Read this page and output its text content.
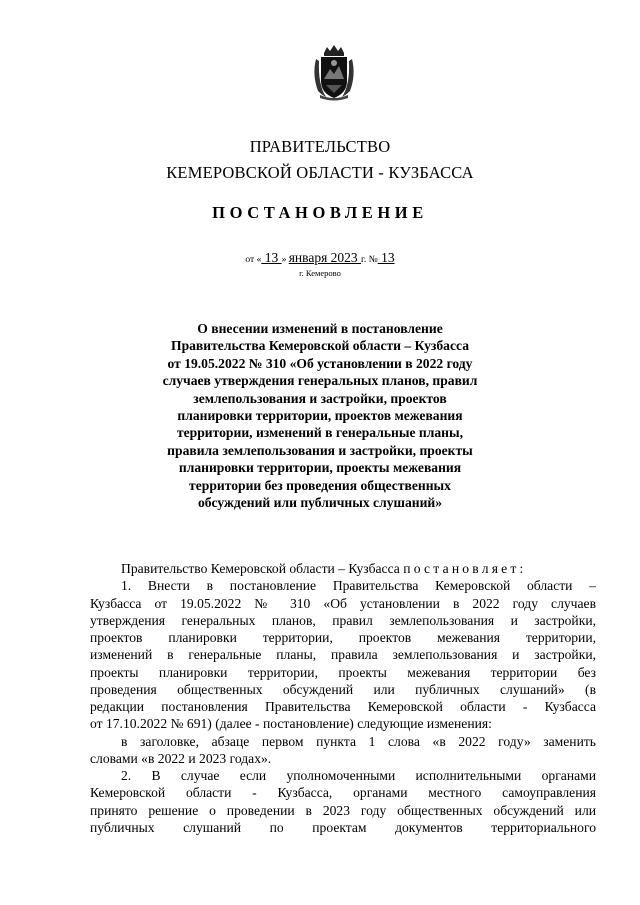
ПРАВИТЕЛЬСТВО
КЕМЕРОВСКОЙ ОБЛАСТИ - КУЗБАССА
ПОСТАНОВЛЕНИЕ
от « 13 » января 2023 г. № 13
г. Кемерово
О внесении изменений в постановление
Правительства Кемеровской области – Кузбасса
от 19.05.2022 № 310 «Об установлении в 2022 году
случаев утверждения генеральных планов, правил
землепользования и застройки, проектов
планировки территории, проектов межевания
территории, изменений в генеральные планы,
правила землепользования и застройки, проекты
планировки территории, проекты межевания
территории без проведения общественных
обсуждений или публичных слушаний»
Правительство Кемеровской области – Кузбасса постановляет:
1. Внести в постановление Правительства Кемеровской области –
Кузбасса от 19.05.2022 № 310 «Об установлении в 2022 году случаев
утверждения генеральных планов, правил землепользования и застройки,
проектов планировки территории, проектов межевания территории,
изменений в генеральные планы, правила землепользования и застройки,
проекты планировки территории, проекты межевания территории без
проведения общественных обсуждений или публичных слушаний» (в
редакции постановления Правительства Кемеровской области - Кузбасса
от 17.10.2022 № 691) (далее - постановление) следующие изменения:
в заголовке, абзаце первом пункта 1 слова «в 2022 году» заменить
словами «в 2022 и 2023 годах».
2. В случае если уполномоченными исполнительными органами
Кемеровской области - Кузбасса, органами местного самоуправления
принято решение о проведении в 2023 году общественных обсуждений или
публичных слушаний по проектам документов территориального
